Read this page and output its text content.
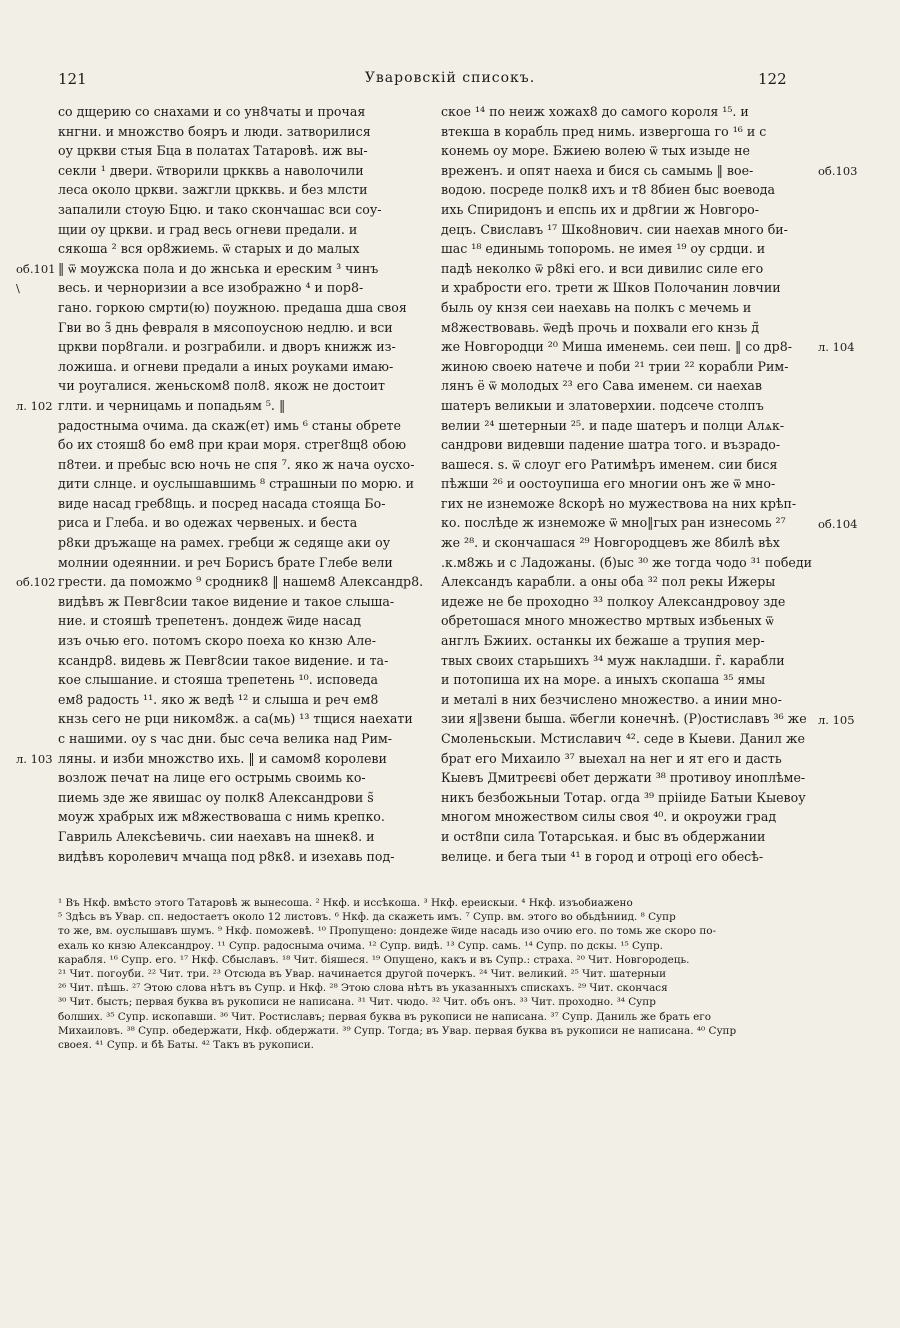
Уваровскій списокъ.
121	122
со дщерию со снахами и со ун8чаты и прочая
кнгни. и множство бояръ и люди. затворилися
оу цркви стыя Бца в полатах Татаровѣ. иж вы-
секли ¹ двери. ѿтворили цркквь а наволочили
леса около цркви. зажгли цркквь. и без млсти
запалили стоую Бцю. и тако скончашас вси соу-
щии оу цркви. и град весь огневи предали. и
сякоша ² вся ор8жиемь. ѿ старых и до малых
‖ ѿ моужска пола и до жнська и ереским ³ чинъ
весь. и черноризии а все изображно ⁴ и пор8-
гано. горкою смрти(ю) поужною. предаша дша своя
Гви во з̃ днь февраля в мясопоусною недлю. и вси
цркви пор8гали. и розграбили. и дворъ книжж из-
ложиша. и огневи предали а иных роуками имаю-
чи роугалися. женьском8 пол8. якож не достоит
глти. и черницамь и попадьям ⁵. ‖
радостныма очима. да скаж(ет) имь ⁶ станы обрете
бо их стояш8 бо ем8 при краи моря. стрег8щ8 обою
п8теи. и пребыс всю ночь не спя ⁷. яко ж нача оусхо-
дити слнце. и оуслышавшимь ⁸ страшныи по морю. и
виде насад греб8щь. и посред насада стояща Бо-
риса и Глеба. и во одежах червеных. и беста
р8ки дръжаще на рамех. гребци ж седяще аки оу
молнии одеяннии. и реч Борисъ брате Глебе вели
грести. да поможмо ⁹ сродник8 ‖ нашем8 Александр8.
видѣвъ ж Певг8сии такое видение и такое слыша-
ние. и стояшѣ трепетенъ. дондеж ѿиде насад
изъ очью его. потомъ скоро поеха ко кнзю Але-
ксандр8. видевь ж Певг8сии такое видение. и та-
кое слышание. и стояша трепетень ¹⁰. исповеда
ем8 радость ¹¹. яко ж ведѣ ¹² и слыша и реч ем8
кнзь сего не рци ником8ж. а са(мь) ¹³ тщися наехати
с нашими. оу s час дни. быс сеча велика над Рим-
ляны. и изби множство ихь. ‖ и самом8 королеви
возлож печат на лице его острымь своимь ко-
пиемь зде же явишас оу полк8 Александрови ѕ̃
моуж храбрых иж м8жествоваша с нимь крепко.
Гавриль Алексѣевичь. сии наехавъ на шнек8. и
видѣвъ королевич мчаща под р8к8. и изехавь под-
ское ¹⁴ по неиж хожах8 до самого короля ¹⁵. и
втекша в корабль пред нимь. извергоша го ¹⁶ и с
конемь оу море. Бжиею волею ѿ тых изыде не
вреженъ. и опят наеха и бися сь самымь ‖ вое-
водою. посреде полк8 ихъ и т8 8биен быс воевода
ихь Спиридонъ и епспь их и др8гии ж Новгоро-
децъ. Свиславъ ¹⁷ Шко8нович. сии наехав много би-
шас ¹⁸ единымь топоромь. не имея ¹⁹ оу срдци. и
падѣ неколко ѿ р8кі его. и вси дивилис силе его
и храбрости его. трети ж Шков Полочанин ловчии
быль оу кнзя сеи наехавь на полкъ с мечемь и
м8жествовавь. ѿедѣ прочь и похвали его кнзь д̃
же Новгородци ²⁰ Миша именемь. сеи пеш. ‖ со др8-
жиною своею натече и поби ²¹ трии ²² корабли Рим-
лянъ ё ѿ молодых ²³ его Сава именем. си наехав
шатеръ великыи и златоверхии. подсече столпъ
велии ²⁴ шетерныи ²⁵. и паде шатеръ и полци Алѧк-
сандрови видевши падение шатра того. и възрадо-
вашеся. s. ѿ слоуг его Ратимѣръ именем. сии бися
пѣжши ²⁶ и оостоупиша его многии онъ же ѿ мно-
гих не изнеможе 8скорѣ но мужествова на них крѣп-
ко. послѣде ж изнеможе ѿ мно‖гых ран изнесомь ²⁷
же ²⁸. и скончашася ²⁹ Новгородцевъ же 8билѣ вѣх
.к.м8жь и с Ладожаны. (б)ыс ³⁰ же тогда чодо ³¹ победи
Александъ карабли. а оны оба ³² пол рекы Ижеры
идеже не бе проходно ³³ полкоу Александровоу зде
обретошася много множество мртвых избьеных ѿ
англъ Бжиих. останкы их бежаше а трупия мер-
твых своих старьшихъ ³⁴ муж накладши. г̃. карабли
и потопиша их на море. а иныхъ скопаша ³⁵ ямы
и металі в них безчислено множество. а инии мно-
зии я‖звени быша. ѿбегли конечнѣ. (Р)остиславъ ³⁶ же
Смоленьскыи. Мстиславич ⁴². седе в Кыеви. Данил же
брат его Михаило ³⁷ выехал на нег и ят его и дасть
Кыевъ Дмитреєві обет держати ³⁸ противоу иноплѣме-
никъ безбожьныи Тотар. огда ³⁹ прііиде Батыи Кыевоу
многом множеством силы своя ⁴⁰. и окроужи град
и ост8пи сила Тотарськая. и быс въ обдержании
велице. и бега тыи ⁴¹ в город и отроці его обесѣ-
об.101
\
л. 102
об.102
л. 103
об.103
л. 104
об.104
л. 105
¹ Въ Нкф. вмѣсто этого Татаровѣ ж вынесоша. ² Нкф. и иссѣкоша. ³ Нкф. ереискыи. ⁴ Нкф. изъобиажено
⁵ Здѣсь въ Увар. сп. недостаетъ около 12 листовъ. ⁶ Нкф. да скажеть имъ. ⁷ Супр. вм. этого во обьдѣниид. ⁸ Супр
то же, вм. оуслышавъ шумъ. ⁹ Нкф. поможевѣ. ¹⁰ Пропущено: дондеже ѿиде насадь изо очию его. по томь же скоро по-
ехаль ко кнзю Александроу. ¹¹ Супр. радосныма очима. ¹² Супр. видѣ. ¹³ Супр. самь. ¹⁴ Супр. по дскы. ¹⁵ Супр.
карабля. ¹⁶ Супр. его. ¹⁷ Нкф. Сбыславъ. ¹⁸ Чит. біяшеся. ¹⁹ Опущено, какъ и въ Супр.: страха. ²⁰ Чит. Новгородець.
²¹ Чит. погоуби. ²² Чит. три. ²³ Отсюда въ Увар. начинается другой почеркъ. ²⁴ Чит. великий. ²⁵ Чит. шатерныи
²⁶ Чит. пѣшь. ²⁷ Этою слова нѣтъ въ Супр. и Нкф. ²⁸ Этою слова нѣтъ въ указанныхъ спискахъ. ²⁹ Чит. скончася
³⁰ Чит. бысть; первая буква въ рукописи не написана. ³¹ Чит. чюдо. ³² Чит. объ онъ. ³³ Чит. проходно. ³⁴ Супр
болших. ³⁵ Супр. ископавши. ³⁶ Чит. Ростиславъ; первая буква въ рукописи не написана. ³⁷ Супр. Даниль же брать его
Михаиловъ. ³⁸ Супр. обедержати, Нкф. обдержати. ³⁹ Супр. Тогда; въ Увар. первая буква въ рукописи не написана. ⁴⁰ Супр
своея. ⁴¹ Супр. и бѣ Баты. ⁴² Такъ въ рукописи.
